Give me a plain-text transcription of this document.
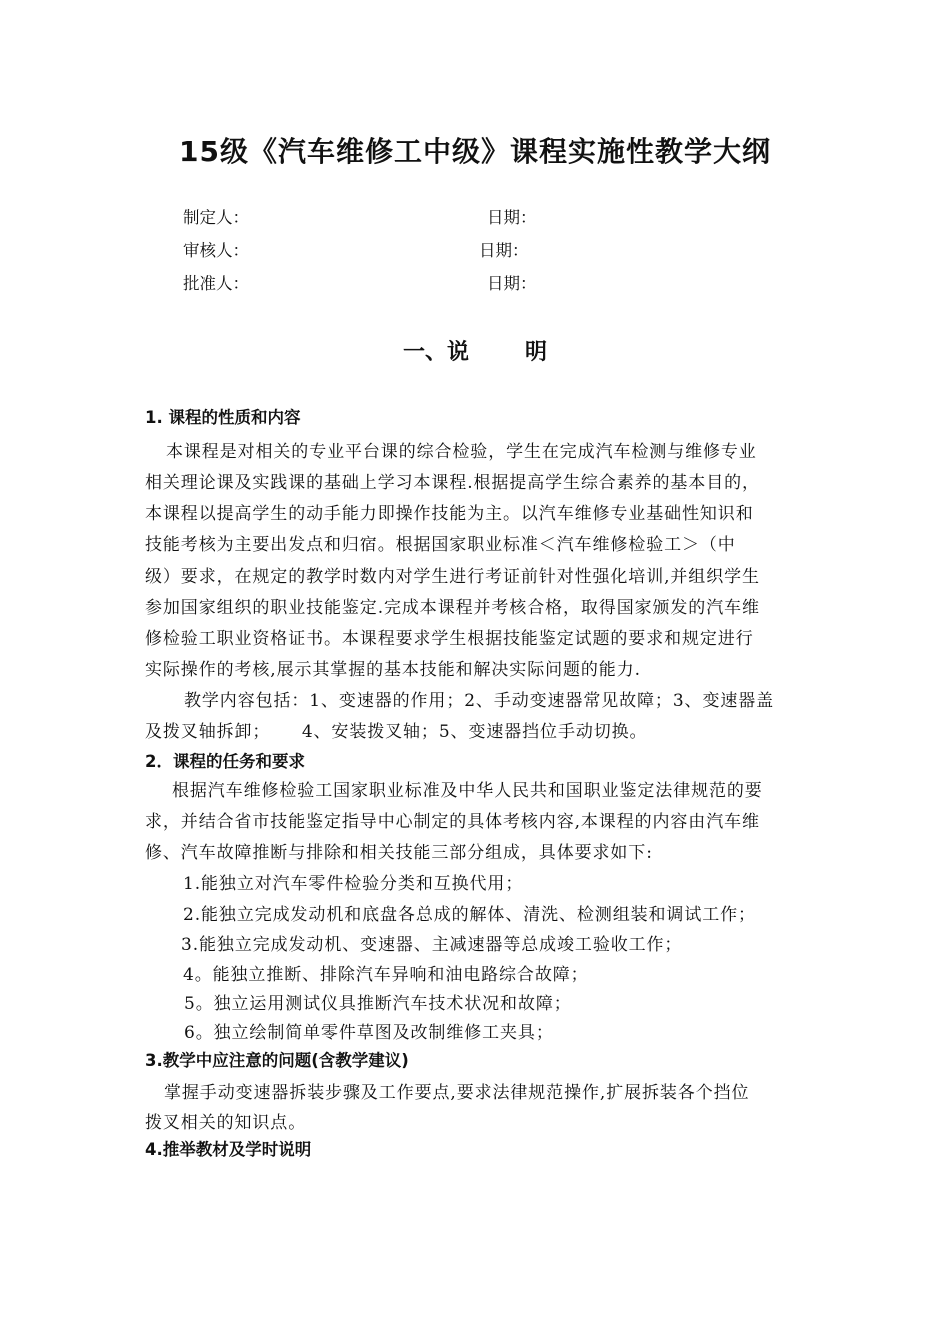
15级《汽车维修工中级》课程实施性教学大纲
制定人：	日期：
审核人：	日期：
批准人：	日期：
一、说	明
1. 课程的性质和内容
本课程是对相关的专业平台课的综合检验，学生在完成汽车检测与维修专业
相关理论课及实践课的基础上学习本课程.根据提高学生综合素养的基本目的，
本课程以提高学生的动手能力即操作技能为主。以汽车维修专业基础性知识和
技能考核为主要出发点和归宿。根据国家职业标准＜汽车维修检验工＞（中
级）要求，在规定的教学时数内对学生进行考证前针对性强化培训,并组织学生
参加国家组织的职业技能鉴定.完成本课程并考核合格，取得国家颁发的汽车维
修检验工职业资格证书。本课程要求学生根据技能鉴定试题的要求和规定进行
实际操作的考核,展示其掌握的基本技能和解决实际问题的能力.
教学内容包括：1、变速器的作用；2、手动变速器常见故障；3、变速器盖
及拨叉轴拆卸；     4、安装拨叉轴；5、变速器挡位手动切换。
2．课程的任务和要求
根据汽车维修检验工国家职业标准及中华人民共和国职业鉴定法律规范的要
求，并结合省市技能鉴定指导中心制定的具体考核内容,本课程的内容由汽车维
修、汽车故障推断与排除和相关技能三部分组成，具体要求如下:
1.能独立对汽车零件检验分类和互换代用；
2.能独立完成发动机和底盘各总成的解体、清洗、检测组装和调试工作；
3.能独立完成发动机、变速器、主减速器等总成竣工验收工作；
4。能独立推断、排除汽车异响和油电路综合故障；
5。独立运用测试仪具推断汽车技术状况和故障；
6。独立绘制简单零件草图及改制维修工夹具；
3.教学中应注意的问题(含教学建议)
掌握手动变速器拆装步骤及工作要点,要求法律规范操作,扩展拆装各个挡位
拨叉相关的知识点。
4.推举教材及学时说明
